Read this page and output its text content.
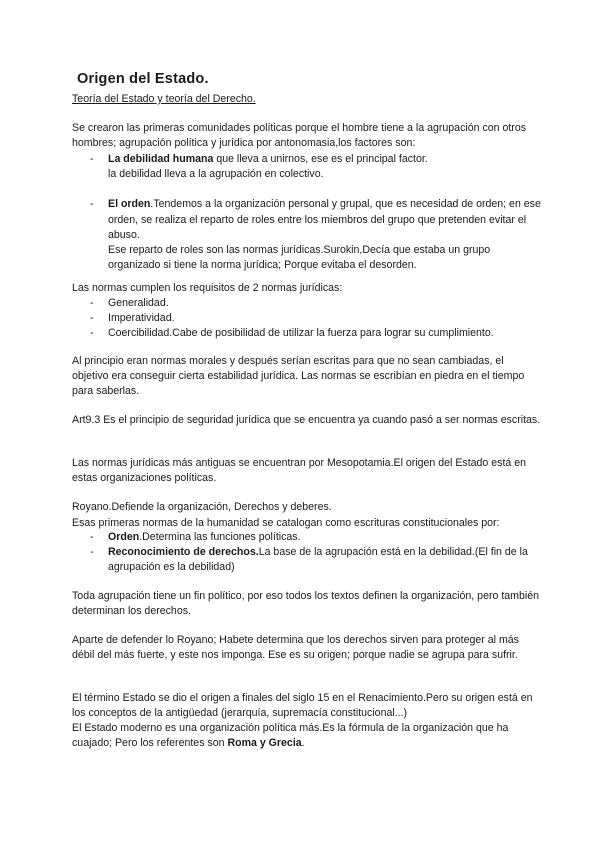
Origen del Estado.
Teoría del Estado y teoría del Derecho.
Se crearon las primeras comunidades políticas porque el hombre tiene a la agrupación con otros hombres; agrupación política y jurídica por antonomasia,los factores son:
- La debilidad humana que lleva a unirnos, ese es el principal factor.
la debilidad lleva a la agrupación en colectivo.
- El orden.Tendemos a la organización personal y grupal, que es necesidad de orden; en ese orden, se realiza el reparto de roles entre los miembros del grupo que pretenden evitar el abuso.
Ese reparto de roles son las normas jurídicas.Surokin,Decía que estaba un grupo organizado si tiene la norma jurídica; Porque evitaba el desorden.
Las normas cumplen los requisitos de 2 normas jurídicas:
- Generalidad.
- Imperatividad.
- Coercibilidad.Cabe de posibilidad de utilizar la fuerza para lograr su cumplimiento.
Al principio eran normas morales y después serían escritas para que no sean cambiadas, el objetivo era conseguir cierta estabilidad jurídica. Las normas se escribían en piedra en el tiempo para saberlas.
Art9.3 Es el principio de seguridad jurídica que se encuentra ya cuando pasó a ser normas escritas.
Las normas jurídicas más antiguas se encuentran por Mesopotamia.El origen del Estado está en estas organizaciones políticas.
Royano.Defiende la organización, Derechos y deberes.
Esas primeras normas de la humanidad se catalogan como escrituras constitucionales por:
- Orden.Determina las funciones políticas.
- Reconocimiento de derechos.La base de la agrupación está en la debilidad.(El fin de la agrupación es la debilidad)
Toda agrupación tiene un fin político, por eso todos los textos definen la organización, pero también determinan los derechos.
Aparte de defender lo Royano; Habete determina que los derechos sirven para proteger al más débil del más fuerte, y este nos imponga. Ese es su origen; porque nadie se agrupa para sufrir.
El término Estado se dio el origen a finales del siglo 15 en el Renacimiento.Pero su origen está en los conceptos de la antigüedad (jerarquía, supremacía constitucional...)
El Estado moderno es una organización política más.Es la fórmula de la organización que ha cuajado; Pero los referentes son Roma y Grecia.
